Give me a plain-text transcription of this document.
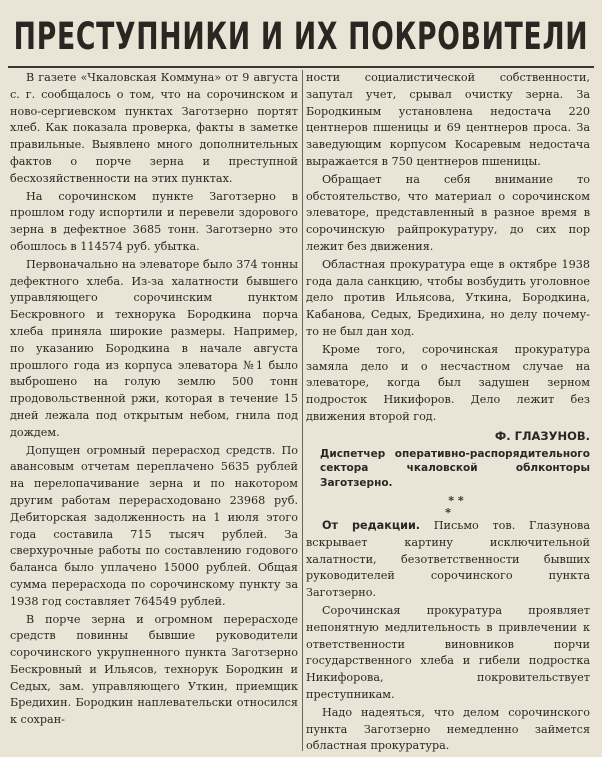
ПРЕСТУПНИКИ И ИХ ПОКРОВИТЕЛИ

В газете «Чкаловская Коммуна» от 9 августа с. г. сообщалось о том, что на сорочинском и ново-сергиевском пунктах Заготзерно портят хлеб. Как показала проверка, факты в заметке правильные. Выявлено много дополнительных фактов о порче зерна и преступной бесхозяйственности на этих пунктах.

На сорочинском пункте Заготзерно в прошлом году испортили и перевели здорового зерна в дефектное 3685 тонн. Заготзерно это обошлось в 114574 руб. убытка.

Первоначально на элеваторе было 374 тонны дефектного хлеба. Из-за халатности бывшего управляющего сорочинским пунктом Бескровного и технорука Бородкина порча хлеба приняла широкие размеры. Например, по указанию Бородкина в начале августа прошлого года из корпуса элеватора №1 было выброшено на голую землю 500 тонн продовольственной ржи, которая в течение 15 дней лежала под открытым небом, гнила под дождем.

Допущен огромный перерасход средств. По авансовым отчетам переплачено 5635 рублей на перелопачивание зерна и по накотором другим работам перерасходовано 23968 руб. Дебиторская задолженность на 1 июля этого года составила 715 тысяч рублей. За сверхурочные работы по составлению годового баланса было уплачено 15000 рублей. Общая сумма перерасхода по сорочинскому пункту за 1938 год составляет 764549 рублей.

В порче зерна и огромном перерасходе средств повинны бывшие руководители сорочинского укрупненного пункта Заготзерно Бескровный и Ильясов, технорук Бородкин и Седых, зам. управляющего Уткин, приемщик Бредихин. Бородкин наплевательски относился к сохран-

ности социалистической собственности, запутал учет, срывал очистку зерна. За Бородкиным установлена недостача 220 центнеров пшеницы и 69 центнеров проса. За заведующим корпусом Косаревым недостача выражается в 750 центнеров пшеницы.

Обращает на себя внимание то обстоятельство, что материал о сорочинском элеваторе, представленный в разное время в сорочинскую райпрокуратуру, до сих пор лежит без движения.

Областная прокуратура еще в октябре 1938 года дала санкцию, чтобы возбудить уголовное дело против Ильясова, Уткина, Бородкина, Кабанова, Седых, Бредихина, но делу почему-то не был дан ход.

Кроме того, сорочинская прокуратура замяла дело и о несчастном случае на элеваторе, когда был задушен зерном подросток Никифоров. Дело лежит без движения второй год.

Ф. ГЛАЗУНОВ.

Диспетчер оперативно-распорядительного сектора чкаловской облконторы Заготзерно.

* *
*

От редакции. Письмо тов. Глазунова вскрывает картину исключительной халатности, безответственности бывших руководителей сорочинского пункта Заготзерно.

Сорочинская прокуратура проявляет непонятную медлительность в привлечении к ответственности виновников порчи государственного хлеба и гибели подростка Никифорова, покровительствует преступникам.

Надо надеяться, что делом сорочинского пункта Заготзерно немедленно займется областная прокуратура.
